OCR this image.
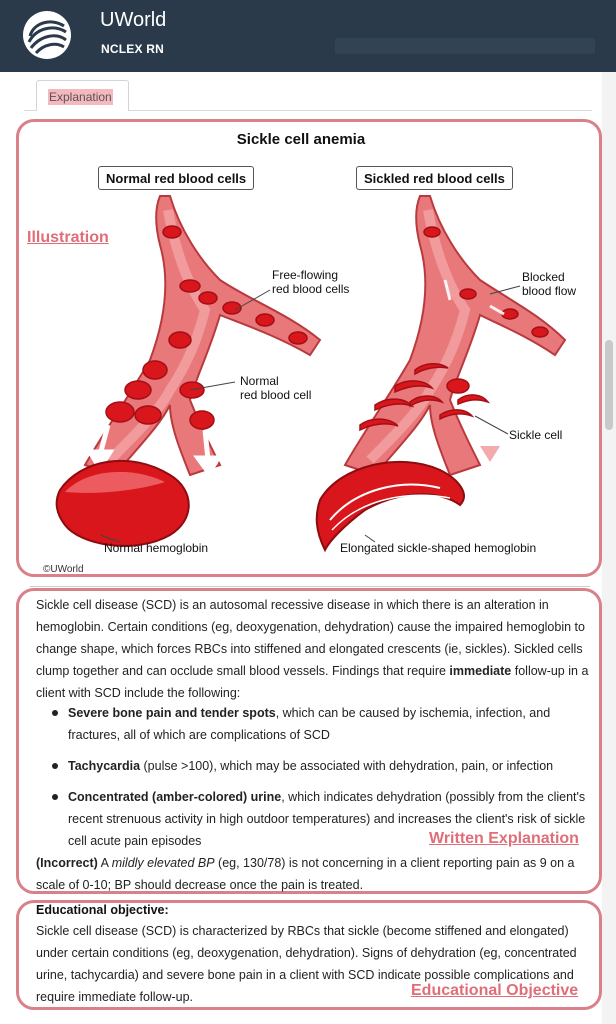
UWorld
NCLEX RN
Explanation
Sickle cell anemia
Normal red blood cells	Sickled red blood cells
Free-flowing
red blood cells
Normal
red blood cell
Normal hemoglobin
Blocked
blood flow
Sickle cell
Elongated sickle-shaped hemoglobin
©UWorld
Illustration
Written Explanation
Educational Objective
Sickle cell disease (SCD) is an autosomal recessive disease in which there is an alteration in hemoglobin. Certain conditions (eg, deoxygenation, dehydration) cause the impaired hemoglobin to change shape, which forces RBCs into stiffened and elongated crescents (ie, sickles). Sickled cells clump together and can occlude small blood vessels. Findings that require immediate follow-up in a client with SCD include the following:
Severe bone pain and tender spots, which can be caused by ischemia, infection, and fractures, all of which are complications of SCD
Tachycardia (pulse >100), which may be associated with dehydration, pain, or infection
Concentrated (amber-colored) urine, which indicates dehydration (possibly from the client's recent strenuous activity in high outdoor temperatures) and increases the client's risk of sickle cell acute pain episodes
(Incorrect) A mildly elevated BP (eg, 130/78) is not concerning in a client reporting pain as 9 on a scale of 0-10; BP should decrease once the pain is treated.
Educational objective:
Sickle cell disease (SCD) is characterized by RBCs that sickle (become stiffened and elongated) under certain conditions (eg, deoxygenation, dehydration). Signs of dehydration (eg, concentrated urine, tachycardia) and severe bone pain in a client with SCD indicate possible complications and require immediate follow-up.
